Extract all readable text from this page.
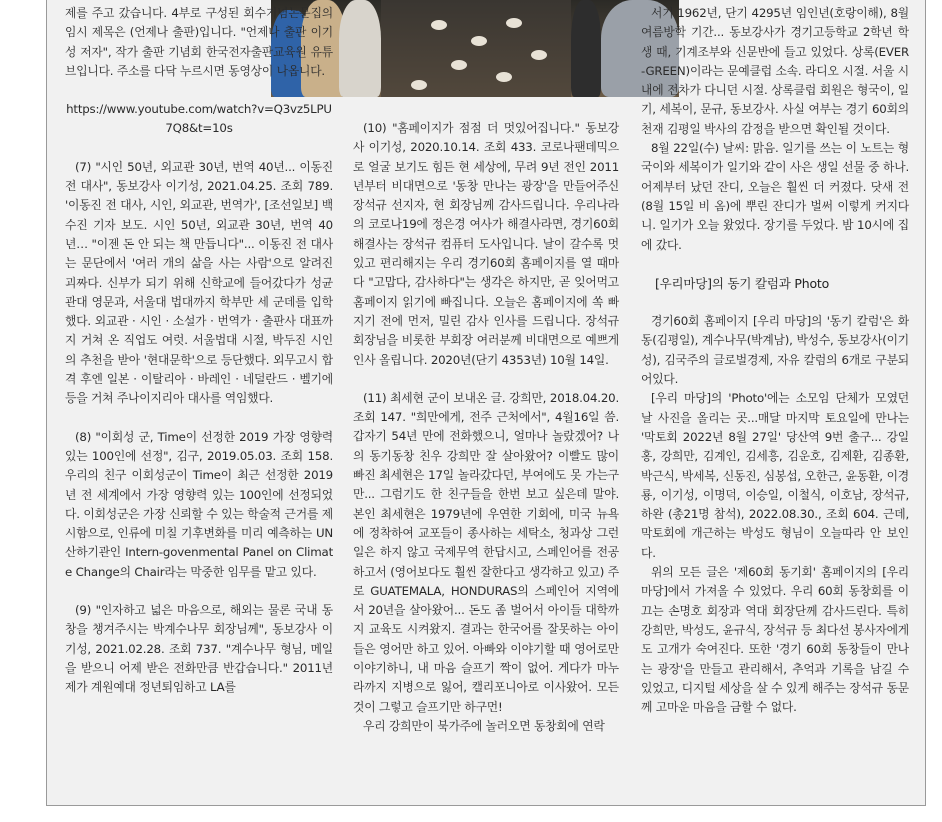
제를 주고 갔습니다. 4부로 구성된 회수기념논문집의 임시 제목은 (언제나 출판)입니다. "언제나 출판 이기성 저자", 작가 출판 기념회 한국전자출판교육원 유튜브입니다. 주소를 다닥 누르시면 동영상이 나옵니다.

https://www.youtube.com/watch?v=Q3vz5LPU7Q8&t=10s

(7) "시인 50년, 외교관 30년, 번역 40년... 이동진 전 대사", 동보강사 이기성, 2021.04.25. 조회 789. '이동진 전 대사, 시인, 외교관, 번역가', [조선일보] 백수진 기자 보도. 시인 50년, 외교관 30년, 번역 40년… "이젠 돈 안 되는 책 만듭니다"... 이동진 전 대사는 문단에서 '여러 개의 삶을 사는 사람'으로 알려진 괴짜다. 신부가 되기 위해 신학교에 들어갔다가 성균관대 영문과, 서울대 법대까지 학부만 세 군데를 입학했다. 외교관 · 시인 · 소설가 · 번역가 · 출판사 대표까지 거쳐 온 직업도 여럿. 서울법대 시절, 박두진 시인의 추천을 받아 '현대문학'으로 등단했다. 외무고시 합격 후엔 일본 · 이탈리아 · 바레인 · 네덜란드 · 벨기에 등을 거쳐 주나이지리아 대사를 역임했다.

(8) "이회성 군, Time이 선정한 2019 가장 영향력 있는 100인에 선정", 김구, 2019.05.03. 조회 158. 우리의 친구 이회성군이 Time이 최근 선정한 2019년 전 세계에서 가장 영향력 있는 100인에 선정되었다. 이회성군은 가장 신뢰할 수 있는 학술적 근거를 제시함으로, 인류에 미칠 기후변화를 미리 예측하는 UN 산하기관인 Intern-govenmental Panel on Climate Change의 Chair라는 막중한 임무를 맡고 있다.

(9) "인자하고 넓은 마음으로, 해외는 물론 국내 동창을 챙겨주시는 박계수나무 회장님께", 동보강사 이기성, 2021.02.28. 조회 737. "계수나무 형님, 메일을 받으니 어제 받은 전화만큼 반갑습니다." 2011년 제가 계원예대 정년퇴임하고 LA를

(10) "홈페이지가 점점 더 멋있어집니다." 동보강사 이기성, 2020.10.14. 조회 433. 코로나팬데믹으로 얼굴 보기도 힘든 현 세상에, 무려 9년 전인 2011년부터 비대면으로 '동창 만나는 광장'을 만들어주신 장석규 선지자, 현 회장님께 감사드립니다. 우리나라의 코로나19에 정은경 여사가 해결사라면, 경기60회 해결사는 장석규 컴퓨터 도사입니다. 날이 갈수록 멋있고 편리해지는 우리 경기60회 홈페이지를 열 때마다 "고맙다, 감사하다"는 생각은 하지만, 곧 잊어먹고 홈페이지 읽기에 빠집니다. 오늘은 홈페이지에 쏙 빠지기 전에 먼저, 밀린 감사 인사를 드립니다. 장석규 회장님을 비롯한 부회장 여러분께 비대면으로 예쁘게 인사 올립니다. 2020년(단기 4353년) 10월 14일.

(11) 최세현 군이 보내온 글. 강희만, 2018.04.20. 조회 147. "희만에게, 전주 근처에서", 4월16일 씀. 갑자기 54년 만에 전화했으니, 얼마나 놀랐겠어? 나의 동기동창 친우 강희만 잘 살아왔어? 이빨도 많이 빠진 최세현은 17일 놀라갔다던, 부여에도 못 가는구만... 그럼기도 한 친구들을 한번 보고 싶은데 말야. 본인 최세현은 1979년에 우연한 기회에, 미국 뉴욕에 정착하여 교포들이 종사하는 세탁소, 청과상 그런 일은 하지 않고 국제무역 한답시고, 스페인어를 전공하고서 (영어보다도 훨씬 잘한다고 생각하고 있고) 주로 GUATEMALA, HONDURAS의 스페인어 지역에서 20년을 살아왔어... 돈도 좀 벌어서 아이들 대학까지 교육도 시켜왔지. 결과는 한국어를 잘못하는 아이들은 영어만 하고 있어. 아빠와 이야기할 때 영어로만 이야기하니, 내 마음 슬프기 짝이 없어. 게다가 마누라까지 지병으로 잃어, 캘리포니아로 이사왔어. 모든 것이 그렇고 슬프기만 하구먼!

우리 강희만이 북가주에 놀러오면 동창회에 연락

서기 1962년, 단기 4295년 임인년(호랑이해), 8월 여름방학 기간... 동보강사가 경기고등학교 2학년 학생 때, 기계조부와 신문반에 들고 있었다. 상록(EVER-GREEN)이라는 문예클럽 소속. 라디오 시절. 서울 시내에 전차가 다니던 시절. 상록클럽 회원은 형국이, 일기, 세복이, 문규, 동보강사. 사실 여부는 경기 60회의 천재 김평일 박사의 감정을 받으면 확인될 것이다.

8월 22일(수) 날씨: 맑음. 일기를 쓰는 이 노트는 형국이와 세복이가 일기와 같이 사은 생일 선물 중 하나. 어제부터 났던 잔디, 오늘은 훨씬 더 커졌다. 닷새 전(8월 15일 비 옴)에 뿌린 잔디가 벌써 이렇게 커지다니. 일기가 오늘 왔었다. 장기를 두었다. 밤 10시에 집에 갔다.

[우리마당]의 동기 칼럼과 Photo

경기60회 홈페이지 [우리 마당]의 '동기 칼럼'은 화동(김평일), 계수나무(박계남), 박성수, 동보강사(이기성), 김국주의 글로벌경제, 자유 칼럼의 6개로 구분되어있다.

[우리 마당]의 'Photo'에는 소모임 단체가 모였던 날 사진을 올리는 곳...매달 마지막 토요일에 만나는 '막토회 2022년 8월 27일' 당산역 9번 출구... 강일홍, 강희만, 김계인, 김세흥, 김운호, 김제환, 김종환, 박근식, 박세복, 신동진, 심봉섭, 오한근, 윤동환, 이경룡, 이기성, 이명덕, 이승일, 이철식, 이호남, 장석규, 하완 (총21명 참석), 2022.08.30., 조회 604. 근데, 막토회에 개근하는 박성도 형님이 오늘따라 안 보인다.

위의 모든 글은 '제60회 동기회' 홈페이지의 [우리 마당]에서 가져올 수 있었다. 우리 60회 동창회를 이끄는 손명호 회장과 역대 회장단께 감사드린다. 특히 강희만, 박성도, 윤규식, 장석규 등 최다선 봉사자에게도 고개가 숙여진다. 또한 '경기 60회 동창들이 만나는 광장'을 만들고 관리해서, 추억과 기록을 남길 수 있었고, 디지털 세상을 살 수 있게 해주는 장석규 동문께 고마운 마음을 금할 수 없다.
